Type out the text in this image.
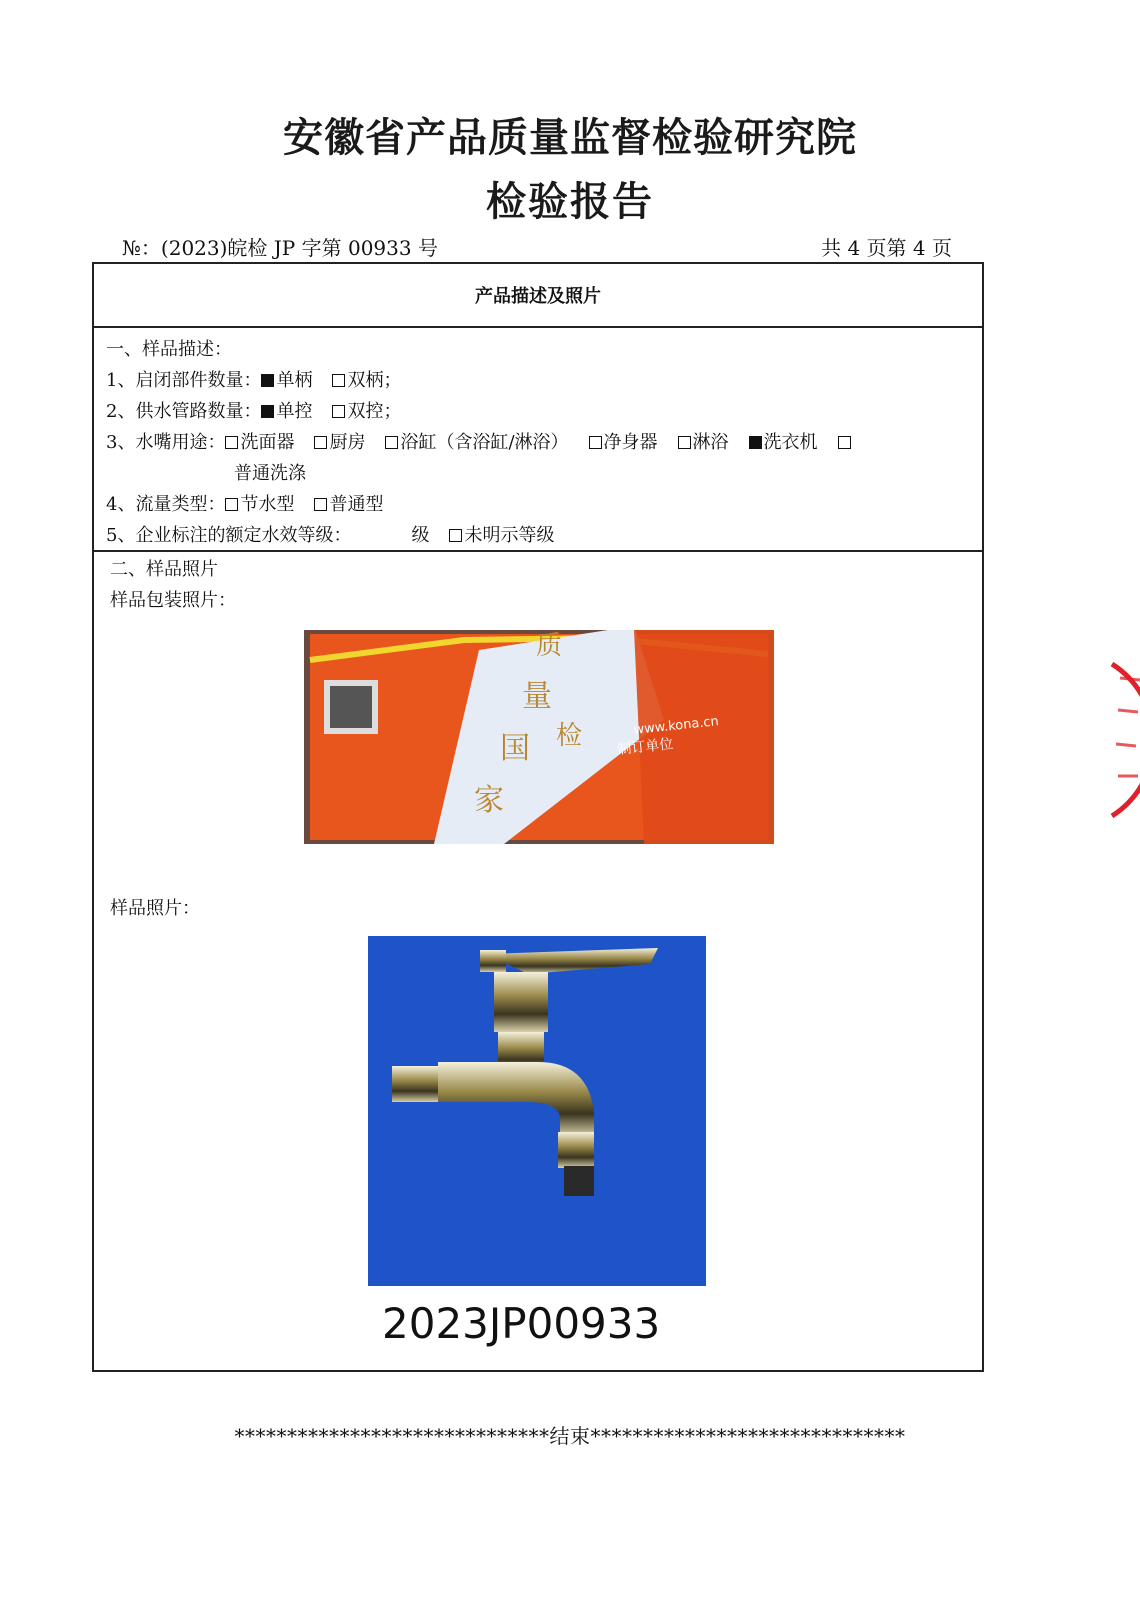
安徽省产品质量监督检验研究院
检验报告
№：(2023)皖检 JP 字第 00933 号	共 4 页第 4 页
产品描述及照片
一、样品描述：
1、启闭部件数量： 单柄 双柄；
2、供水管路数量： 单控 双控；
3、水嘴用途： 洗面器 厨房 浴缸（含浴缸/淋浴） 净身器 淋浴 洗衣机
普通洗涤
4、流量类型： 节水型 普通型
5、企业标注的额定水效等级：	级 未明示等级
二、样品照片
样品包装照片：
量
国
家
检
质
www.kona.cn
制订单位
样品照片：
2023JP00933
******************************结束******************************
